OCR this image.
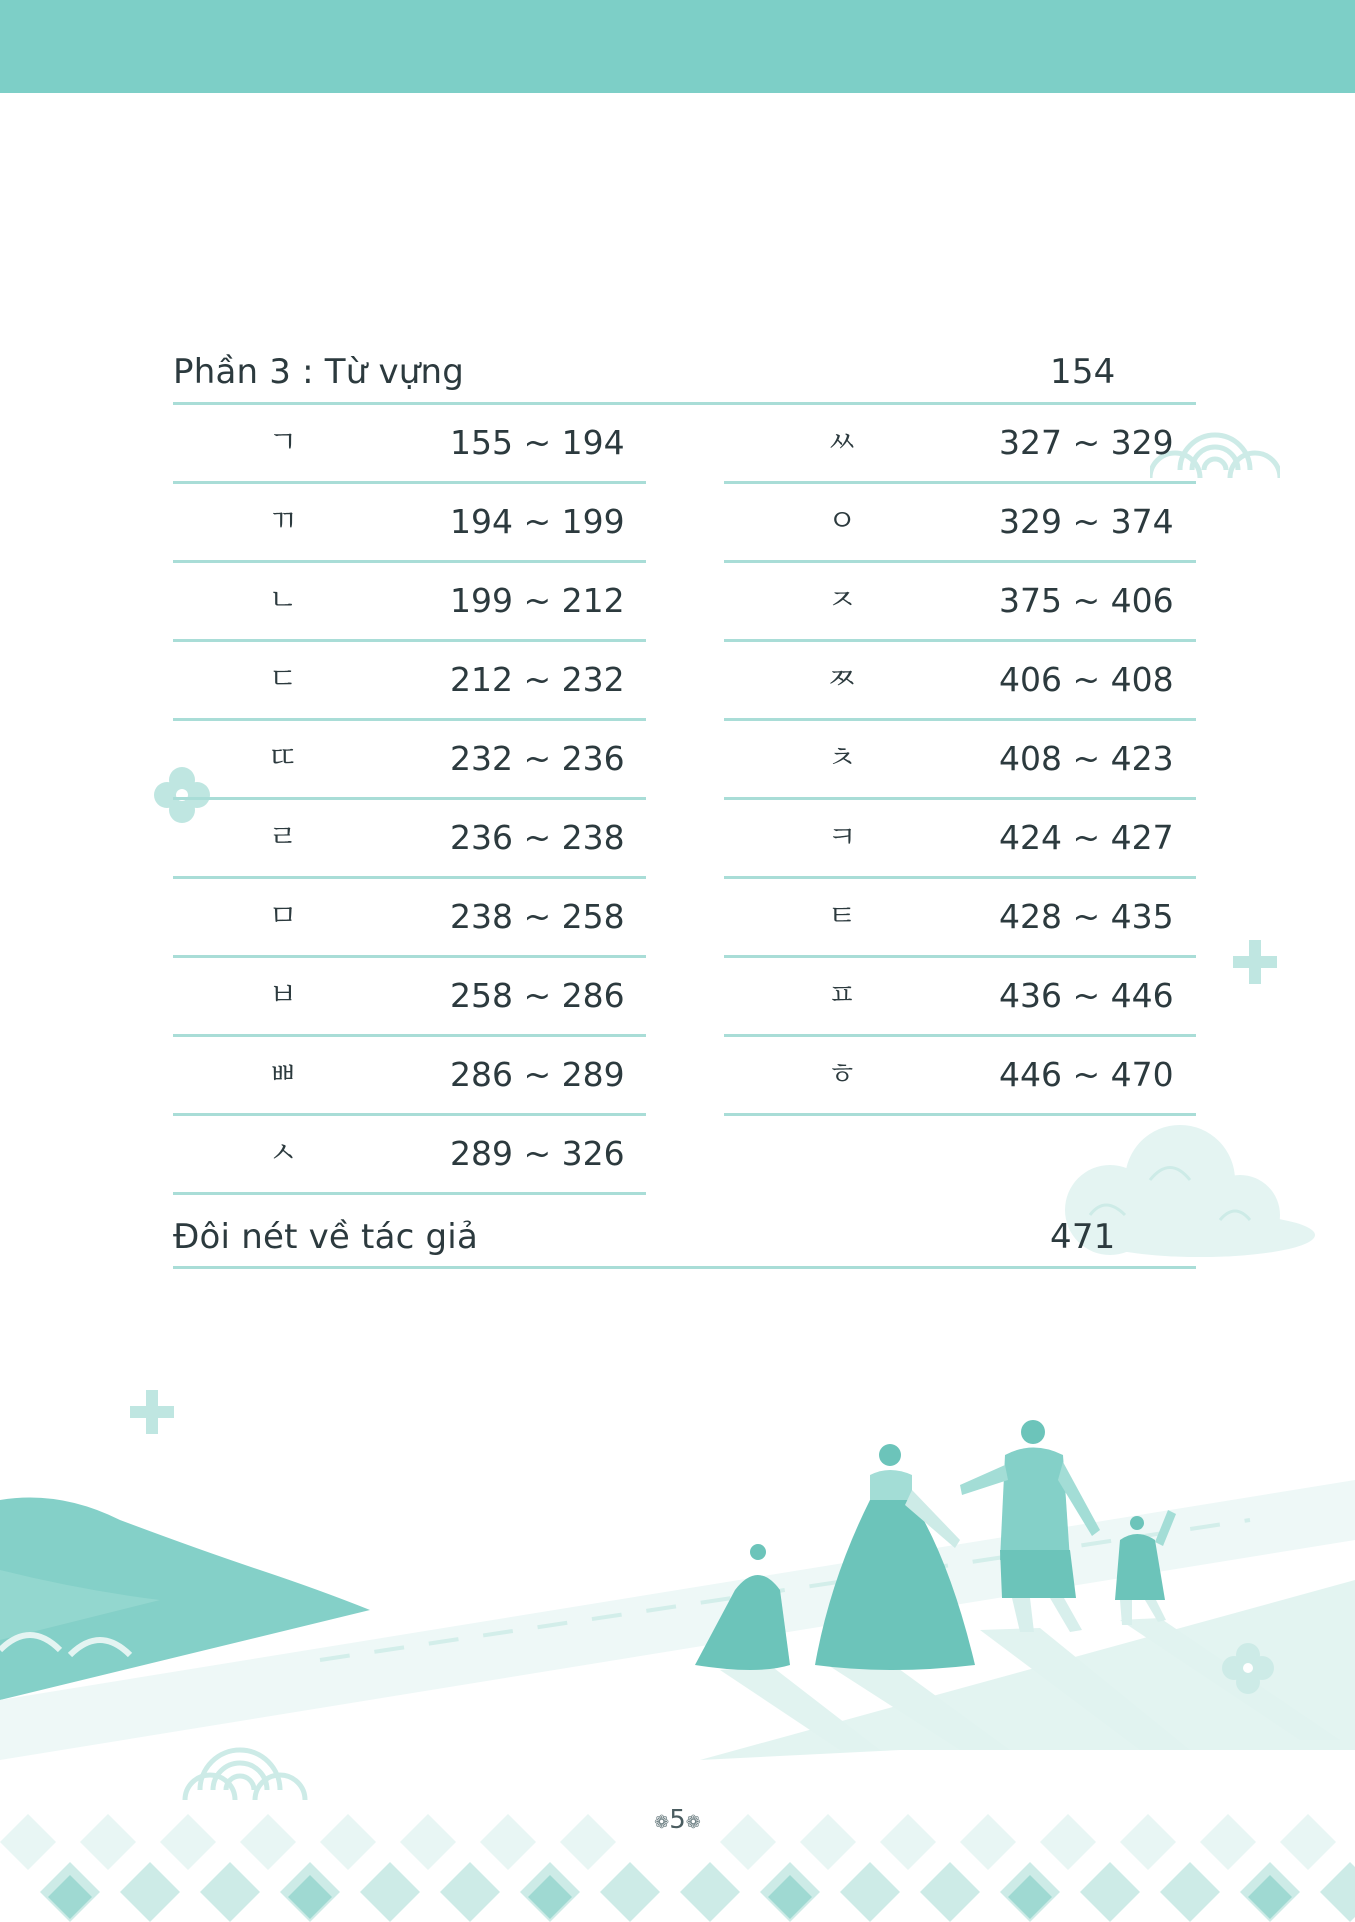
Phần 3 : Từ vựng	154
ㄱ	155 ~ 194
ㄲ	194 ~ 199
ㄴ	199 ~ 212
ㄷ	212 ~ 232
ㄸ	232 ~ 236
ㄹ	236 ~ 238
ㅁ	238 ~ 258
ㅂ	258 ~ 286
ㅃ	286 ~ 289
ㅅ	289 ~ 326
ㅆ	327 ~ 329
ㅇ	329 ~ 374
ㅈ	375 ~ 406
ㅉ	406 ~ 408
ㅊ	408 ~ 423
ㅋ	424 ~ 427
ㅌ	428 ~ 435
ㅍ	436 ~ 446
ㅎ	446 ~ 470
Đôi nét về tác giả	471
❁5❁
